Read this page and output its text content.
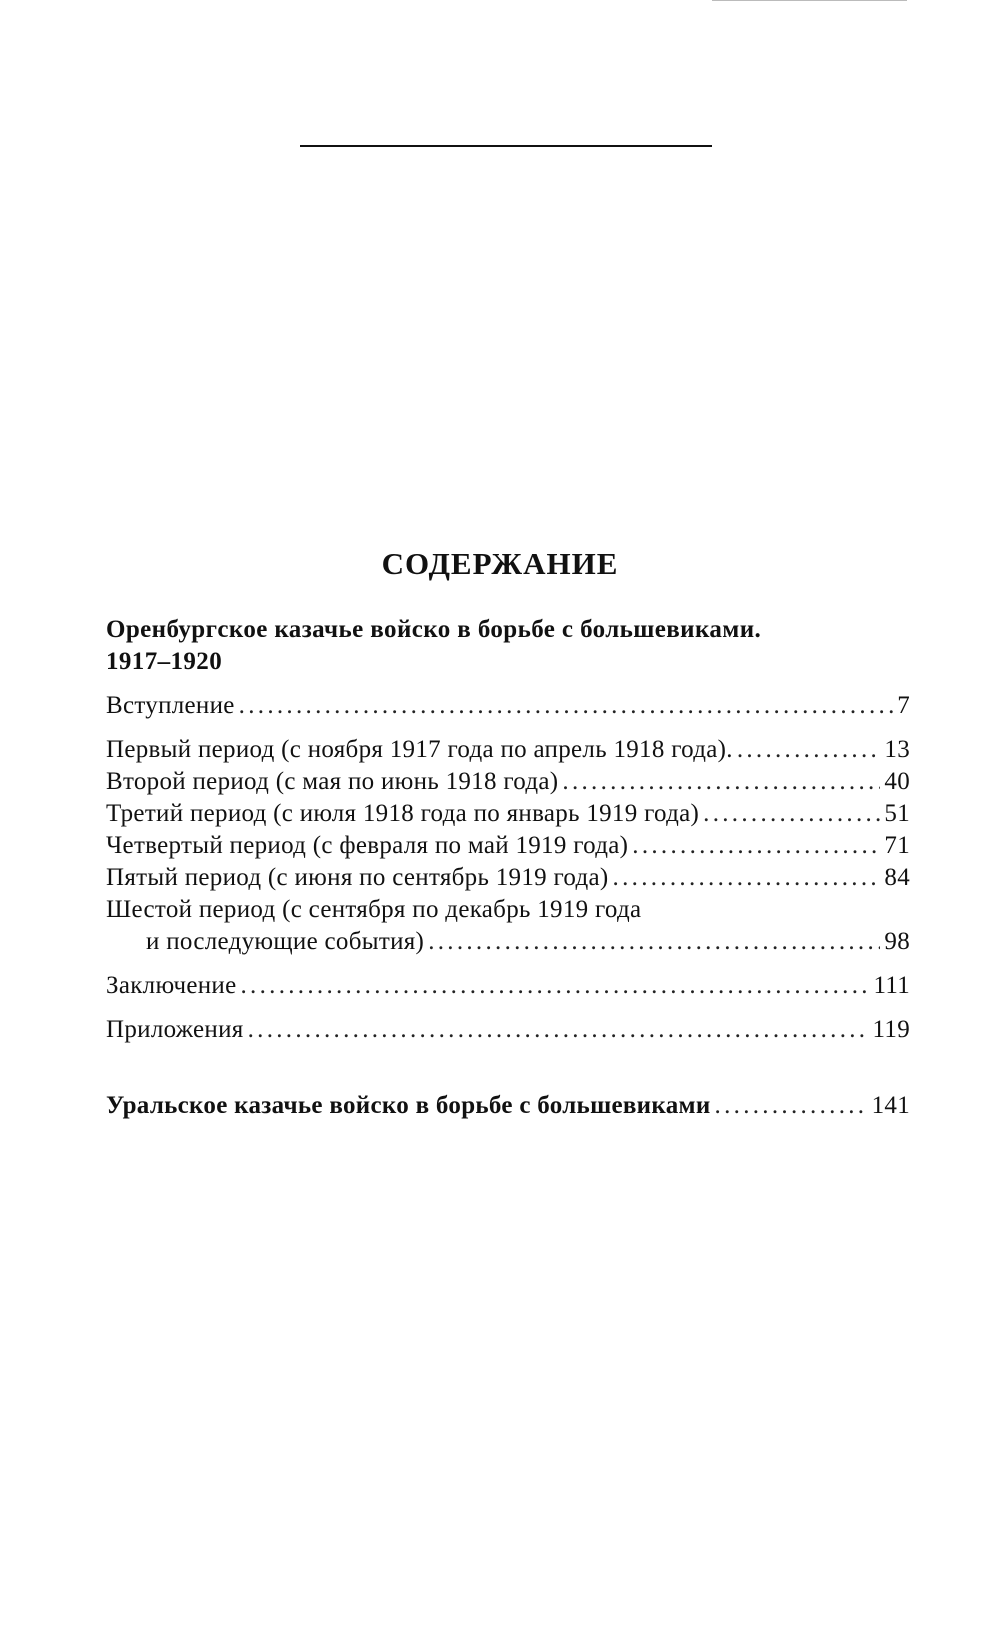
СОДЕРЖАНИЕ

Оренбургское казачье войско в борьбе с большевиками.
1917–1920

Вступление .....	7
Первый период (с ноября 1917 года по апрель 1918 года). .....	13
Второй период (с мая по июнь 1918 года) .....	40
Третий период (с июля 1918 года по январь 1919 года) .....	51
Четвертый период (с февраля по май 1919 года) .....	71
Пятый период (с июня по сентябрь 1919 года) .....	84
Шестой период (с сентября по декабрь 1919 года
и последующие события) .....	98
Заключение .....	111
Приложения .....	119
Уральское казачье войско в борьбе с большевиками .....	141
